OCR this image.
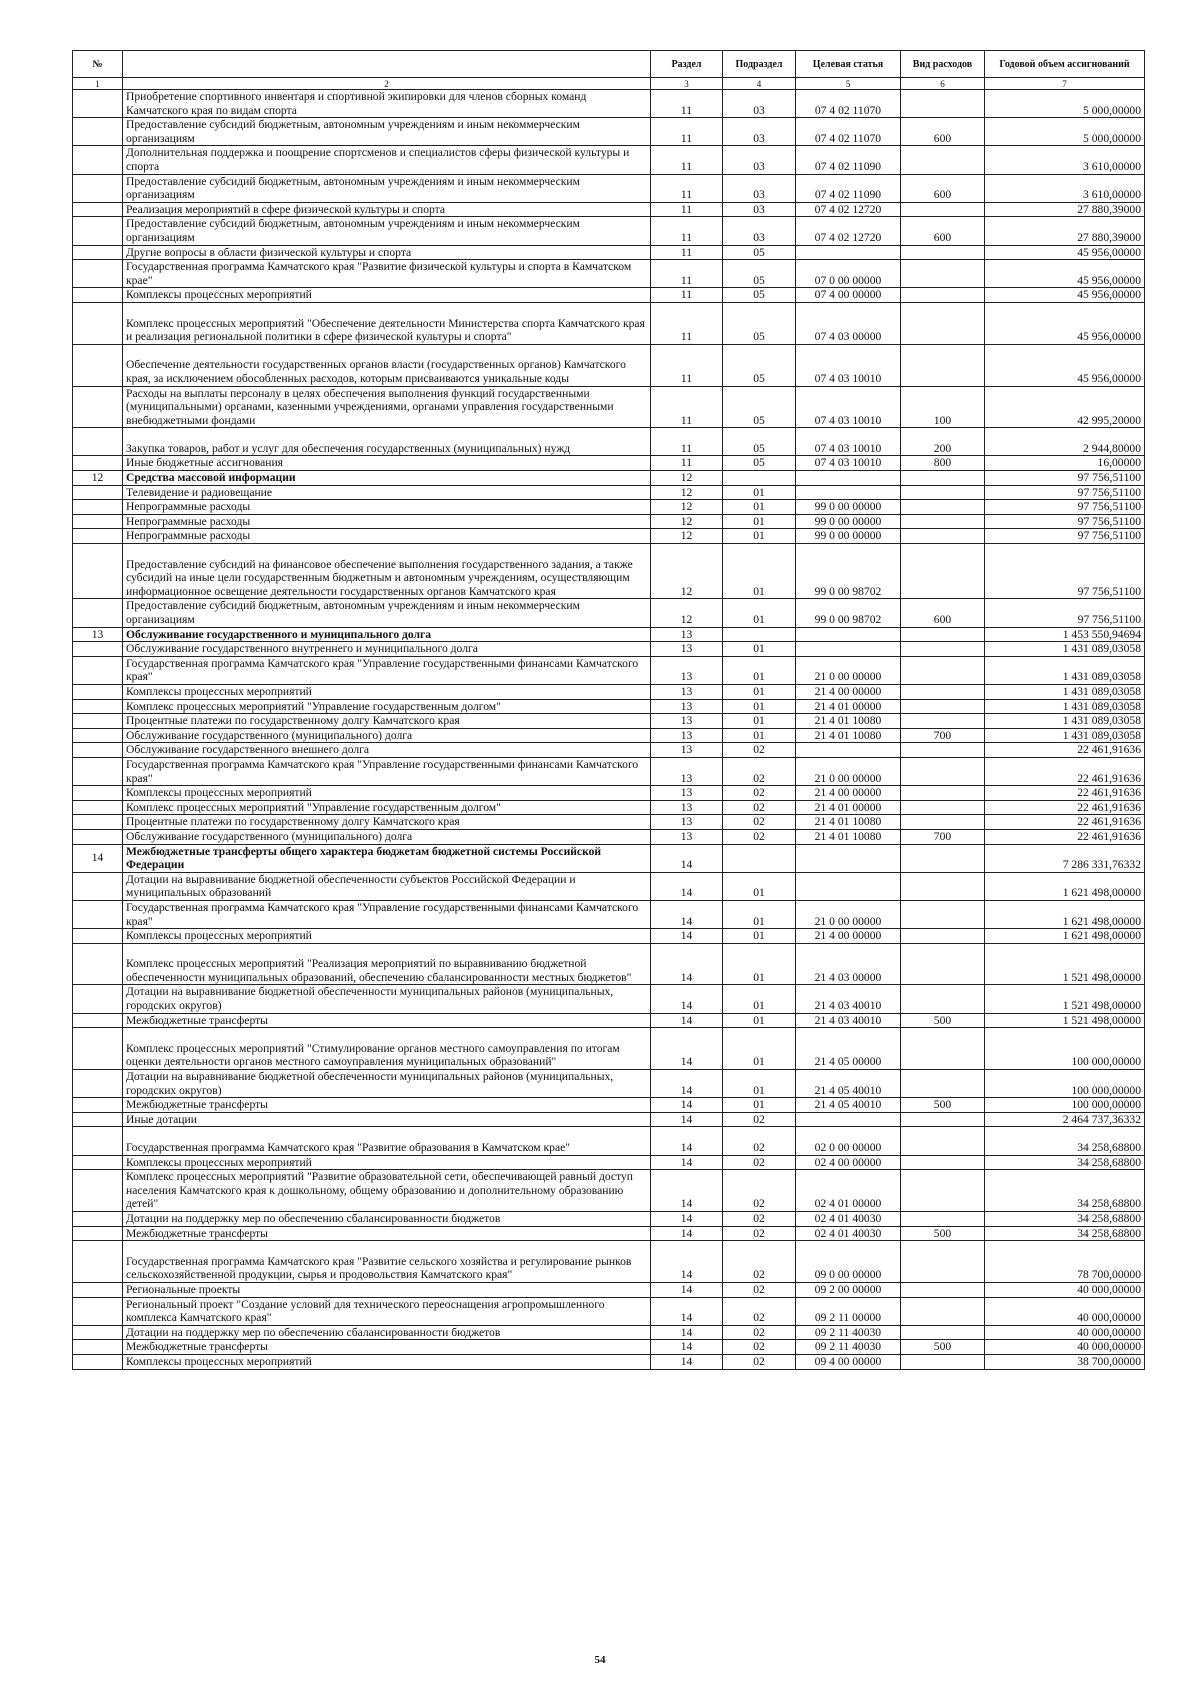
№		Раздел	Подраздел	Целевая статья	Вид расходов	Годовой объем ассигнований
1	2	3	4	5	6	7
	Приобретение спортивного инвентаря и спортивной экипировки для членов сборных команд Камчатского края по видам спорта	11	03	07 4 02 11070		5 000,00000
	Предоставление субсидий бюджетным, автономным учреждениям и иным некоммерческим организациям	11	03	07 4 02 11070	600	5 000,00000
	Дополнительная поддержка и поощрение спортсменов и специалистов сферы физической культуры и спорта	11	03	07 4 02 11090		3 610,00000
	Предоставление субсидий бюджетным, автономным учреждениям и иным некоммерческим организациям	11	03	07 4 02 11090	600	3 610,00000
	Реализация мероприятий в сфере физической культуры и спорта	11	03	07 4 02 12720		27 880,39000
	Предоставление субсидий бюджетным, автономным учреждениям и иным некоммерческим организациям	11	03	07 4 02 12720	600	27 880,39000
	Другие вопросы в области физической культуры и спорта	11	05			45 956,00000
	Государственная программа Камчатского края "Развитие физической культуры и спорта в Камчатском крае"	11	05	07 0 00 00000		45 956,00000
	Комплексы процессных мероприятий	11	05	07 4 00 00000		45 956,00000
	Комплекс процессных мероприятий "Обеспечение деятельности Министерства спорта Камчатского края и реализация региональной политики в сфере физической культуры и спорта"	11	05	07 4 03 00000		45 956,00000
	Обеспечение деятельности государственных органов власти (государственных органов) Камчатского края, за исключением обособленных расходов, которым присваиваются уникальные коды	11	05	07 4 03 10010		45 956,00000
	Расходы на выплаты персоналу в целях обеспечения выполнения функций государственными (муниципальными) органами, казенными учреждениями, органами управления государственными внебюджетными фондами	11	05	07 4 03 10010	100	42 995,20000
	Закупка товаров, работ и услуг для обеспечения государственных (муниципальных) нужд	11	05	07 4 03 10010	200	2 944,80000
	Иные бюджетные ассигнования	11	05	07 4 03 10010	800	16,00000
12	Средства массовой информации	12				97 756,51100
	Телевидение и радиовещание	12	01			97 756,51100
	Непрограммные расходы	12	01	99 0 00 00000		97 756,51100
	Непрограммные расходы	12	01	99 0 00 00000		97 756,51100
	Непрограммные расходы	12	01	99 0 00 00000		97 756,51100
	Предоставление субсидий на финансовое обеспечение выполнения государственного задания, а также субсидий на иные цели государственным бюджетным и автономным учреждениям, осуществляющим информационное освещение деятельности государственных органов Камчатского края	12	01	99 0 00 98702		97 756,51100
	Предоставление субсидий бюджетным, автономным учреждениям и иным некоммерческим организациям	12	01	99 0 00 98702	600	97 756,51100
13	Обслуживание государственного и муниципального долга	13				1 453 550,94694
	Обслуживание государственного внутреннего и муниципального долга	13	01			1 431 089,03058
	Государственная программа Камчатского края "Управление государственными финансами Камчатского края"	13	01	21 0 00 00000		1 431 089,03058
	Комплексы процессных мероприятий	13	01	21 4 00 00000		1 431 089,03058
	Комплекс процессных мероприятий "Управление государственным долгом"	13	01	21 4 01 00000		1 431 089,03058
	Процентные платежи по государственному долгу Камчатского края	13	01	21 4 01 10080		1 431 089,03058
	Обслуживание государственного (муниципального) долга	13	01	21 4 01 10080	700	1 431 089,03058
	Обслуживание государственного внешнего долга	13	02			22 461,91636
	Государственная программа Камчатского края "Управление государственными финансами Камчатского края"	13	02	21 0 00 00000		22 461,91636
	Комплексы процессных мероприятий	13	02	21 4 00 00000		22 461,91636
	Комплекс процессных мероприятий "Управление государственным долгом"	13	02	21 4 01 00000		22 461,91636
	Процентные платежи по государственному долгу Камчатского края	13	02	21 4 01 10080		22 461,91636
	Обслуживание государственного (муниципального) долга	13	02	21 4 01 10080	700	22 461,91636
14	Межбюджетные трансферты общего характера бюджетам бюджетной системы Российской Федерации	14				7 286 331,76332
	Дотации на выравнивание бюджетной обеспеченности субъектов Российской Федерации и муниципальных образований	14	01			1 621 498,00000
	Государственная программа Камчатского края "Управление государственными финансами Камчатского края"	14	01	21 0 00 00000		1 621 498,00000
	Комплексы процессных мероприятий	14	01	21 4 00 00000		1 621 498,00000
	Комплекс процессных мероприятий "Реализация мероприятий по выравниванию бюджетной обеспеченности муниципальных образований, обеспечению сбалансированности местных бюджетов"	14	01	21 4 03 00000		1 521 498,00000
	Дотации на выравнивание бюджетной обеспеченности муниципальных районов (муниципальных, городских округов)	14	01	21 4 03 40010		1 521 498,00000
	Межбюджетные трансферты	14	01	21 4 03 40010	500	1 521 498,00000
	Комплекс процессных мероприятий "Стимулирование органов местного самоуправления по итогам оценки деятельности органов местного самоуправления муниципальных образований"	14	01	21 4 05 00000		100 000,00000
	Дотации на выравнивание бюджетной обеспеченности муниципальных районов (муниципальных, городских округов)	14	01	21 4 05 40010		100 000,00000
	Межбюджетные трансферты	14	01	21 4 05 40010	500	100 000,00000
	Иные дотации	14	02			2 464 737,36332
	Государственная программа Камчатского края "Развитие образования в Камчатском крае"	14	02	02 0 00 00000		34 258,68800
	Комплексы процессных мероприятий	14	02	02 4 00 00000		34 258,68800
	Комплекс процессных мероприятий "Развитие образовательной сети, обеспечивающей равный доступ населения Камчатского края к дошкольному, общему образованию и дополнительному образованию детей"	14	02	02 4 01 00000		34 258,68800
	Дотации на поддержку мер по обеспечению сбалансированности бюджетов	14	02	02 4 01 40030		34 258,68800
	Межбюджетные трансферты	14	02	02 4 01 40030	500	34 258,68800
	Государственная программа Камчатского края "Развитие сельского хозяйства и регулирование рынков сельскохозяйственной продукции, сырья и продовольствия Камчатского края"	14	02	09 0 00 00000		78 700,00000
	Региональные проекты	14	02	09 2 00 00000		40 000,00000
	Региональный проект "Создание условий для технического переоснащения агропромышленного комплекса Камчатского края"	14	02	09 2 11 00000		40 000,00000
	Дотации на поддержку мер по обеспечению сбалансированности бюджетов	14	02	09 2 11 40030		40 000,00000
	Межбюджетные трансферты	14	02	09 2 11 40030	500	40 000,00000
	Комплексы процессных мероприятий	14	02	09 4 00 00000		38 700,00000
54
